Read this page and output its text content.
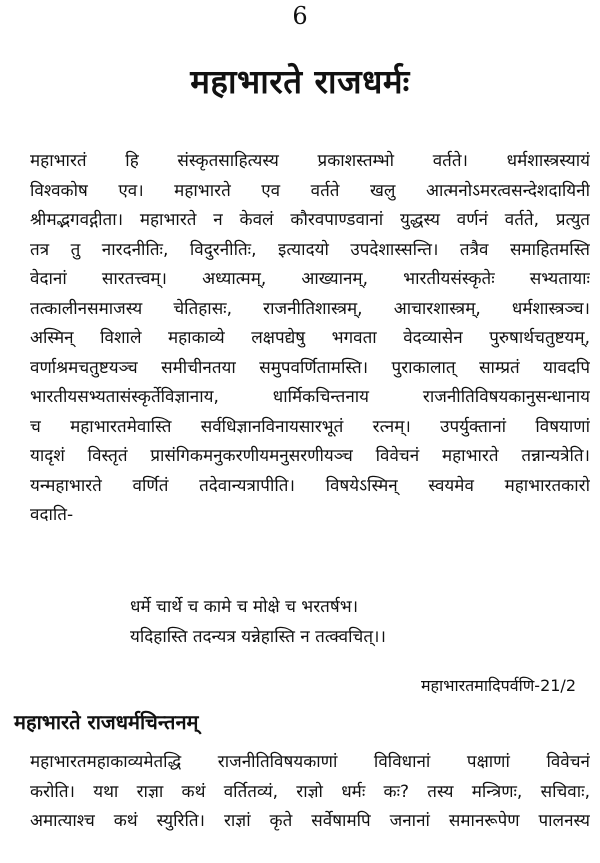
6
महाभारते राजधर्मः
महाभारतं हि संस्कृतसाहित्यस्य प्रकाशस्तम्भो वर्तते। धर्मशास्त्रस्यायं
विश्वकोष एव। महाभारते एव वर्तते खलु आत्मनोऽमरत्वसन्देशदायिनी
श्रीमद्भगवद्गीता। महाभारते न केवलं कौरवपाण्डवानां युद्धस्य वर्णनं वर्तते, प्रत्युत
तत्र तु नारदनीतिः, विदुरनीतिः, इत्यादयो उपदेशास्सन्ति। तत्रैव समाहितमस्ति
वेदानां सारतत्त्वम्। अध्यात्मम्, आख्यानम्, भारतीयसंस्कृतेः सभ्यतायाः
तत्कालीनसमाजस्य चेतिहासः, राजनीतिशास्त्रम्, आचारशास्त्रम्, धर्मशास्त्रञ्च।
अस्मिन् विशाले महाकाव्ये लक्षपद्येषु भगवता वेदव्यासेन पुरुषार्थचतुष्टयम्,
वर्णाश्रमचतुष्टयञ्च समीचीनतया समुपवर्णितामस्ति। पुराकालात् साम्प्रतं यावदपि
भारतीयसभ्यतासंस्कृर्तेविज्ञानाय, धार्मिकचिन्तनाय राजनीतिविषयकानुसन्धानाय
च महाभारतमेवास्ति सर्वधिज्ञानविनायसारभूतं रत्नम्। उपर्युक्तानां विषयाणां
यादृशं विस्तृतं प्रासंगिकमनुकरणीयमनुसरणीयञ्च विवेचनं महाभारते तन्नान्यत्रेति।
यन्महाभारते वर्णितं तदेवान्यत्रापीति। विषयेऽस्मिन् स्वयमेव महाभारतकारो
वदाति-
धर्मे चार्थे च कामे च मोक्षे च भरतर्षभ।
यदिहास्ति तदन्यत्र यन्नेहास्ति न तत्क्वचित्।।
महाभारतमादिपर्वणि-21/2
महाभारते राजधर्मचिन्तनम्
महाभारतमहाकाव्यमेतद्धि राजनीतिविषयकाणां विविधानां पक्षाणां विवेचनं
करोति। यथा राज्ञा कथं वर्तितव्यं, राज्ञो धर्मः कः? तस्य मन्त्रिणः, सचिवाः,
अमात्याश्च कथं स्युरिति। राज्ञां कृते सर्वेषामपि जनानां समानरूपेण पालनस्य
